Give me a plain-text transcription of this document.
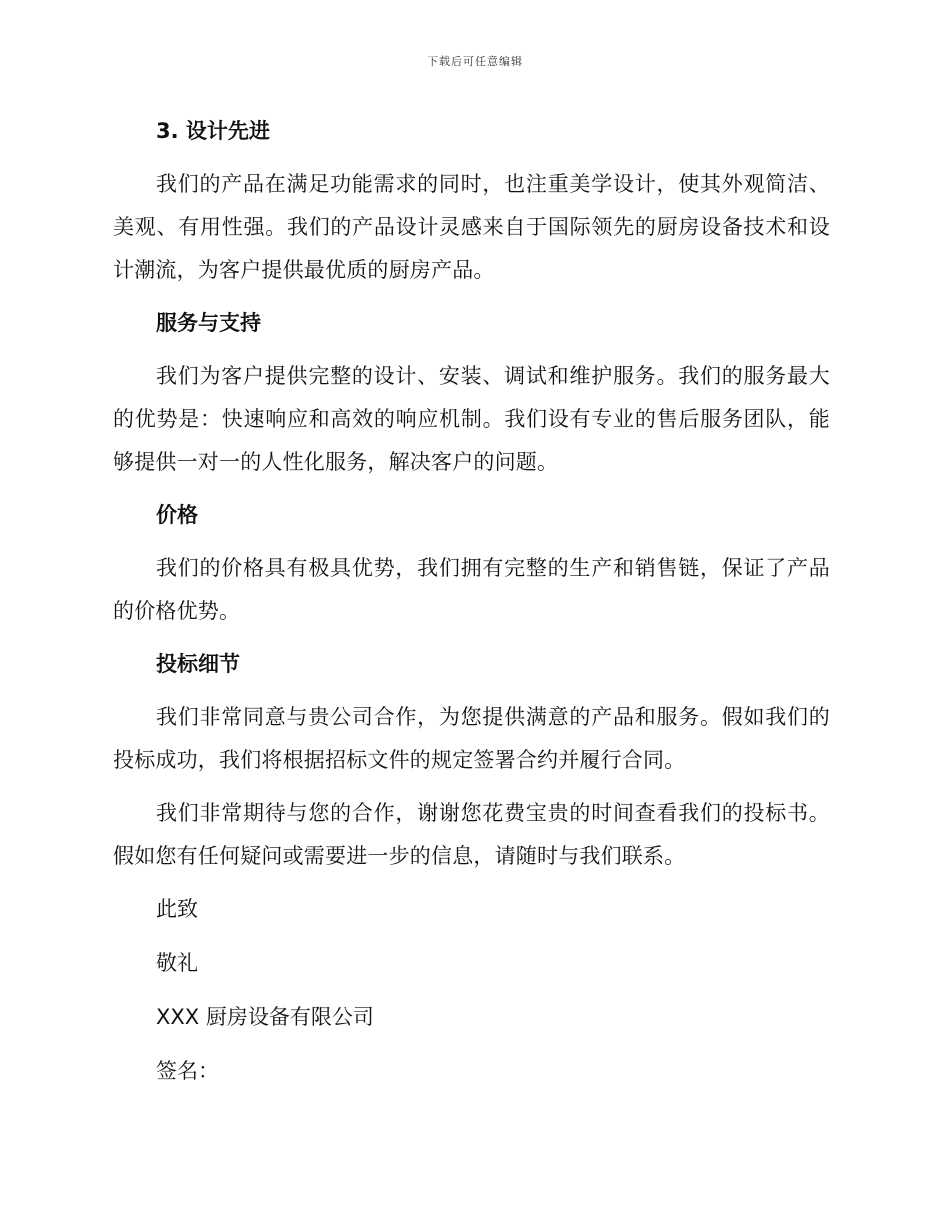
下载后可任意编辑
3. 设计先进

我们的产品在满足功能需求的同时，也注重美学设计，使其外观简洁、美观、有用性强。我们的产品设计灵感来自于国际领先的厨房设备技术和设计潮流，为客户提供最优质的厨房产品。

服务与支持

我们为客户提供完整的设计、安装、调试和维护服务。我们的服务最大的优势是：快速响应和高效的响应机制。我们设有专业的售后服务团队，能够提供一对一的人性化服务，解决客户的问题。

价格

我们的价格具有极具优势，我们拥有完整的生产和销售链，保证了产品的价格优势。

投标细节

我们非常同意与贵公司合作，为您提供满意的产品和服务。假如我们的投标成功，我们将根据招标文件的规定签署合约并履行合同。

我们非常期待与您的合作，谢谢您花费宝贵的时间查看我们的投标书。假如您有任何疑问或需要进一步的信息，请随时与我们联系。

此致
敬礼
XXX 厨房设备有限公司
签名：
